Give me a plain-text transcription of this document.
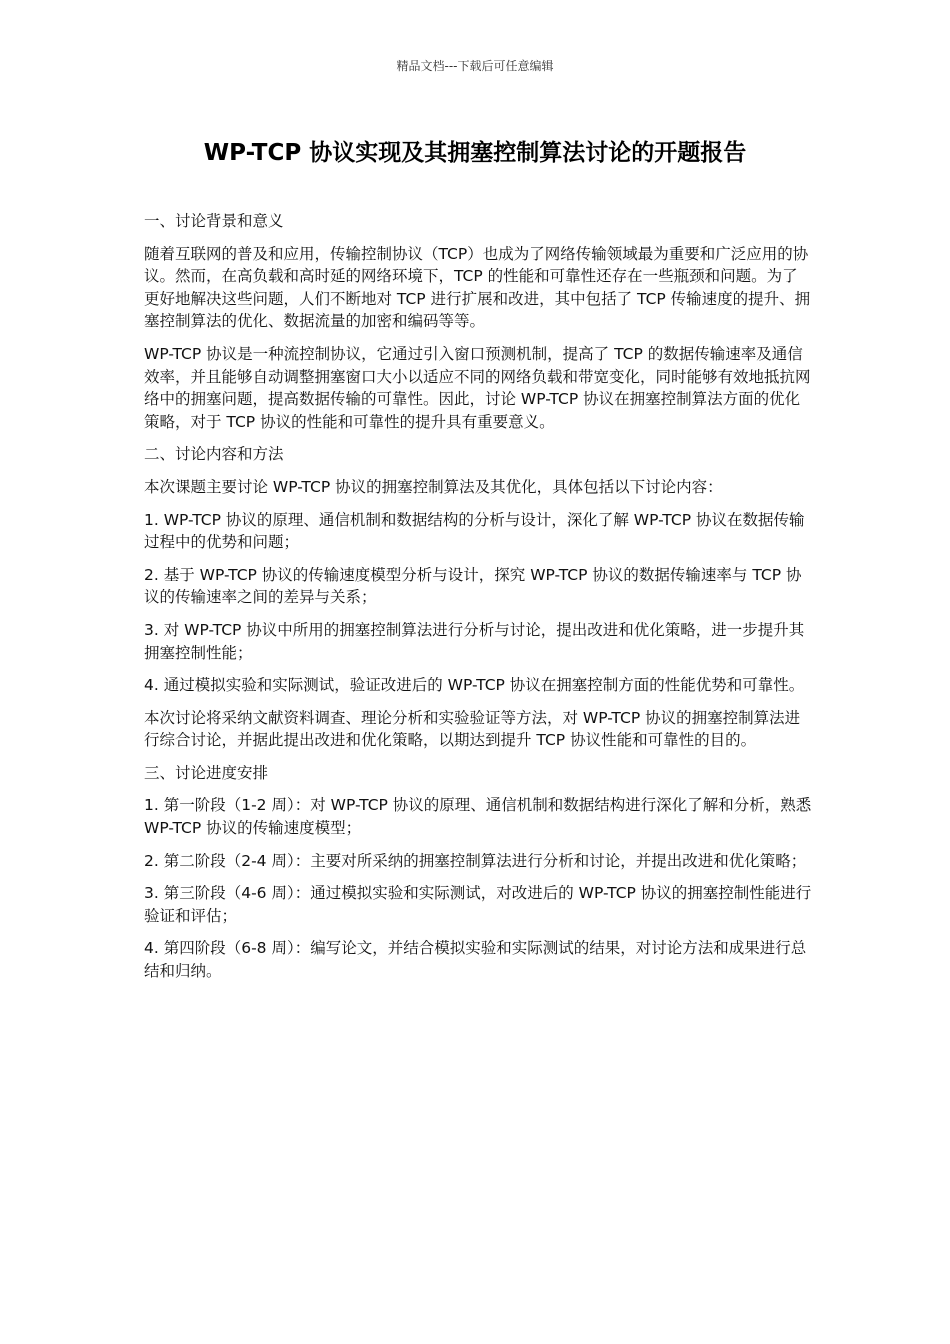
精品文档---下载后可任意编辑
WP-TCP 协议实现及其拥塞控制算法讨论的开题报告

一、讨论背景和意义

随着互联网的普及和应用，传输控制协议（TCP）也成为了网络传输领域最为重要和广泛应用的协议。然而，在高负载和高时延的网络环境下，TCP 的性能和可靠性还存在一些瓶颈和问题。为了更好地解决这些问题，人们不断地对 TCP 进行扩展和改进，其中包括了 TCP 传输速度的提升、拥塞控制算法的优化、数据流量的加密和编码等等。

WP-TCP 协议是一种流控制协议，它通过引入窗口预测机制，提高了 TCP 的数据传输速率及通信效率，并且能够自动调整拥塞窗口大小以适应不同的网络负载和带宽变化，同时能够有效地抵抗网络中的拥塞问题，提高数据传输的可靠性。因此，讨论 WP-TCP 协议在拥塞控制算法方面的优化策略，对于 TCP 协议的性能和可靠性的提升具有重要意义。

二、讨论内容和方法

本次课题主要讨论 WP-TCP 协议的拥塞控制算法及其优化，具体包括以下讨论内容：

1. WP-TCP 协议的原理、通信机制和数据结构的分析与设计，深化了解 WP-TCP 协议在数据传输过程中的优势和问题；

2. 基于 WP-TCP 协议的传输速度模型分析与设计，探究 WP-TCP 协议的数据传输速率与 TCP 协议的传输速率之间的差异与关系；

3. 对 WP-TCP 协议中所用的拥塞控制算法进行分析与讨论，提出改进和优化策略，进一步提升其拥塞控制性能；

4. 通过模拟实验和实际测试，验证改进后的 WP-TCP 协议在拥塞控制方面的性能优势和可靠性。

本次讨论将采纳文献资料调查、理论分析和实验验证等方法，对 WP-TCP 协议的拥塞控制算法进行综合讨论，并据此提出改进和优化策略，以期达到提升 TCP 协议性能和可靠性的目的。

三、讨论进度安排

1. 第一阶段（1-2 周）：对 WP-TCP 协议的原理、通信机制和数据结构进行深化了解和分析，熟悉 WP-TCP 协议的传输速度模型；

2. 第二阶段（2-4 周）：主要对所采纳的拥塞控制算法进行分析和讨论，并提出改进和优化策略；

3. 第三阶段（4-6 周）：通过模拟实验和实际测试，对改进后的 WP-TCP 协议的拥塞控制性能进行验证和评估；

4. 第四阶段（6-8 周）：编写论文，并结合模拟实验和实际测试的结果，对讨论方法和成果进行总结和归纳。
